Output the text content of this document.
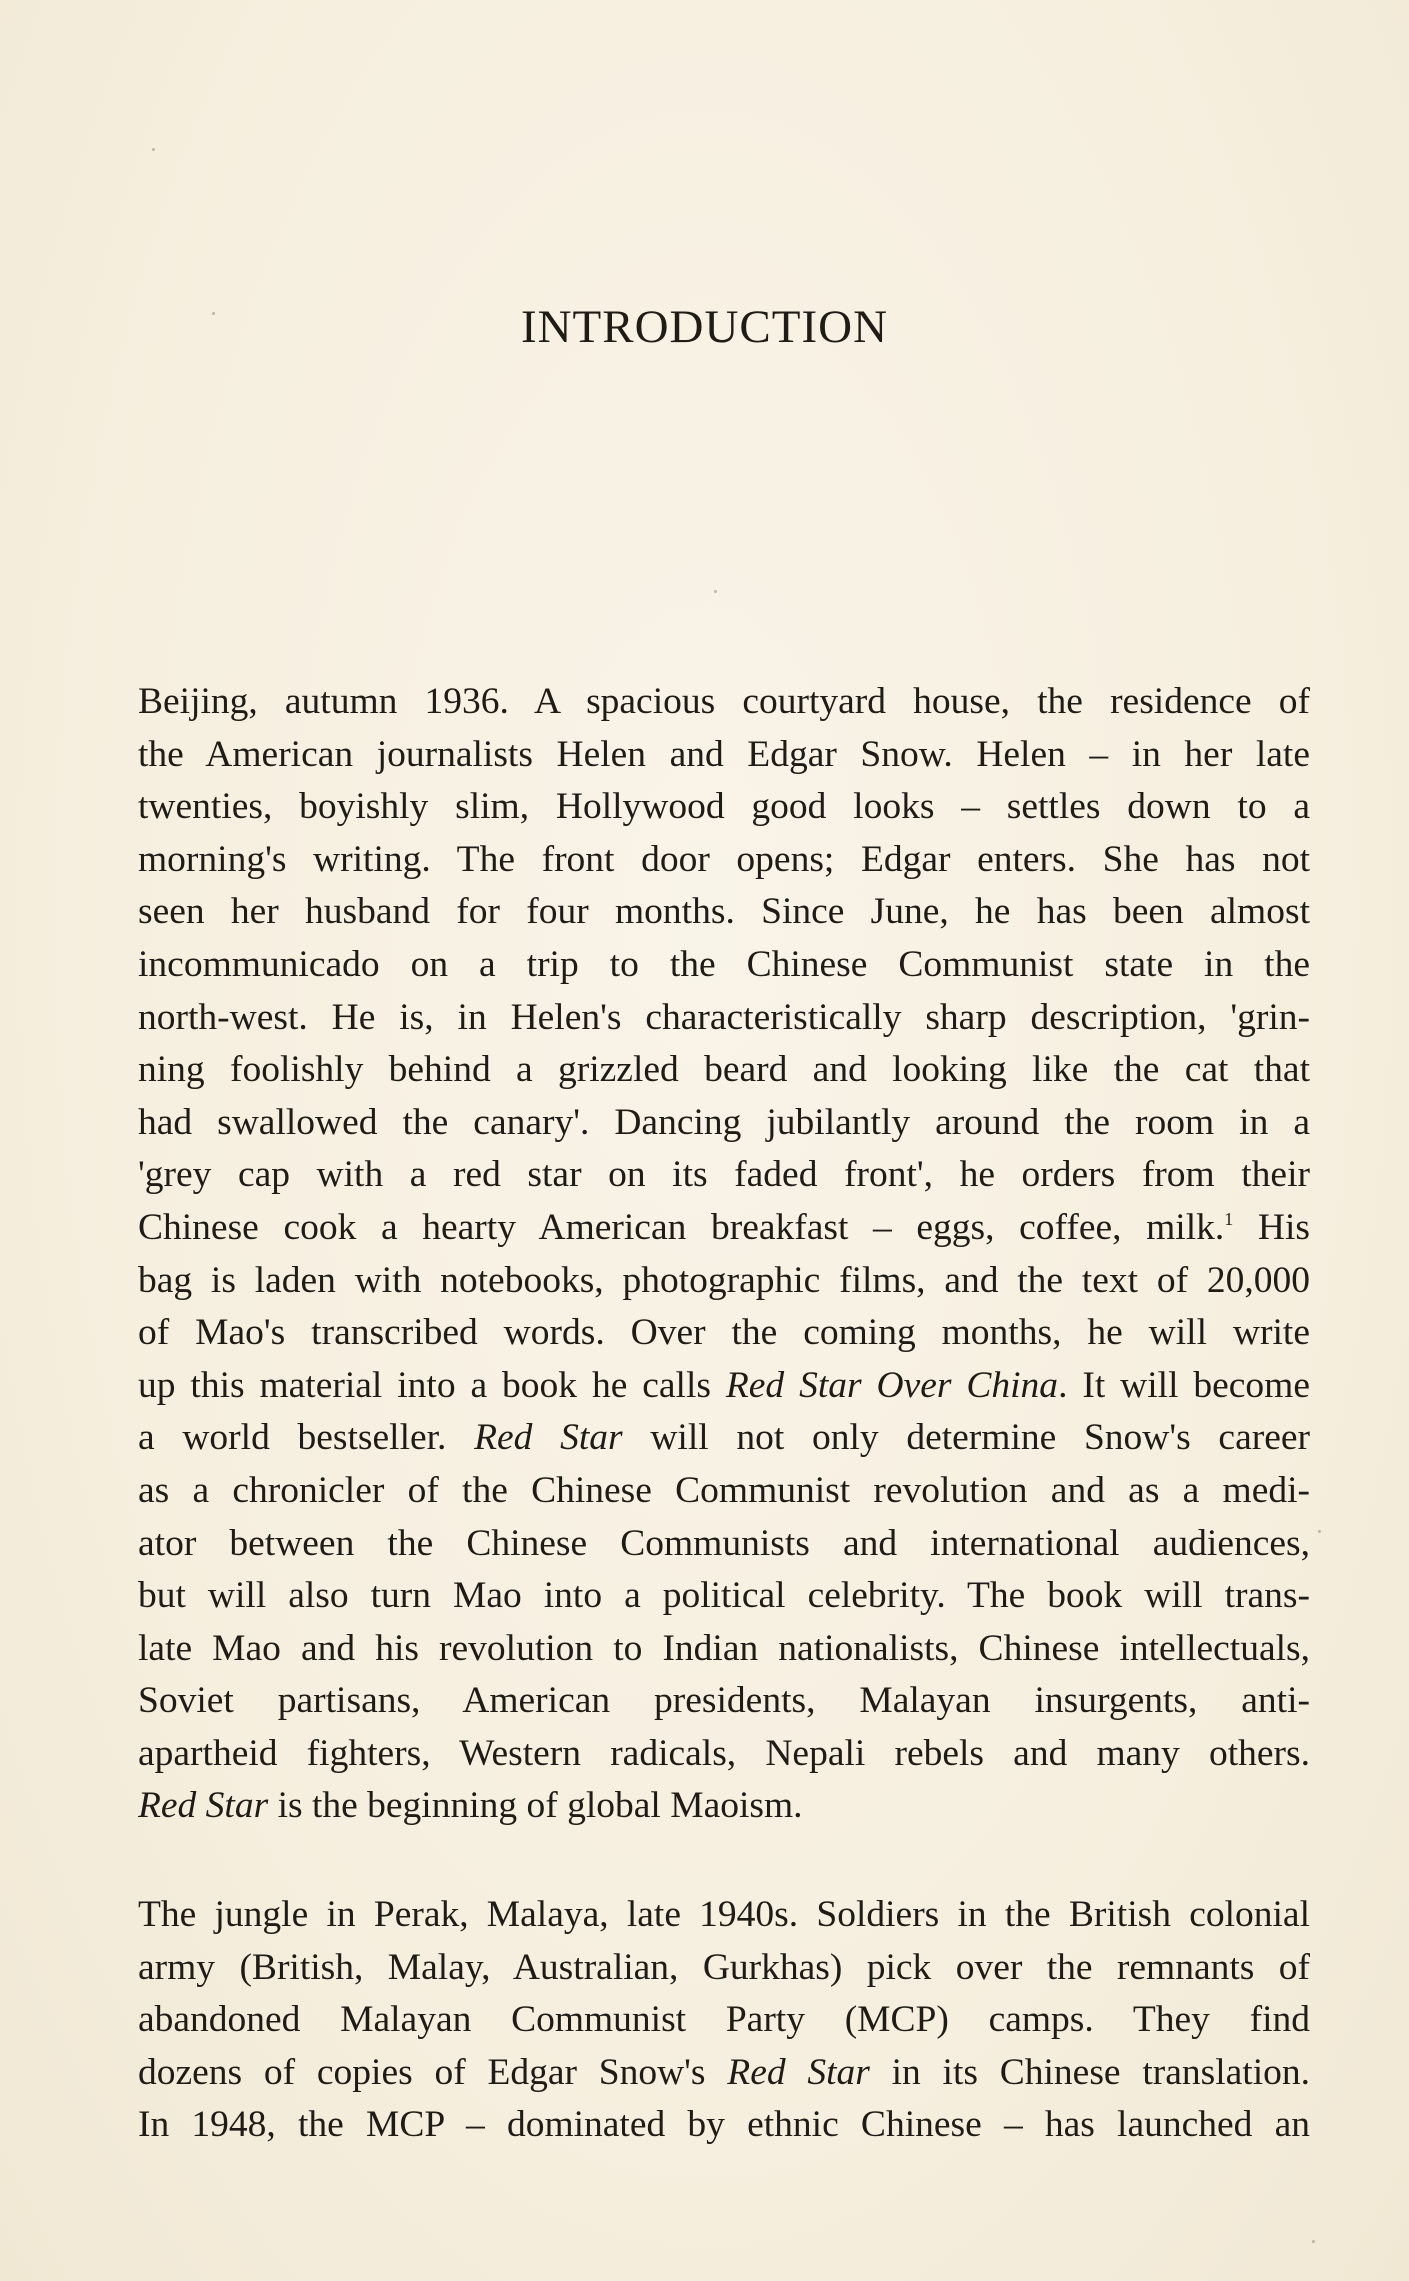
INTRODUCTION
Beijing, autumn 1936. A spacious courtyard house, the residence of
the American journalists Helen and Edgar Snow. Helen – in her late
twenties, boyishly slim, Hollywood good looks – settles down to a
morning's writing. The front door opens; Edgar enters. She has not
seen her husband for four months. Since June, he has been almost
incommunicado on a trip to the Chinese Communist state in the
north-west. He is, in Helen's characteristically sharp description, 'grin-
ning foolishly behind a grizzled beard and looking like the cat that
had swallowed the canary'. Dancing jubilantly around the room in a
'grey cap with a red star on its faded front', he orders from their
Chinese cook a hearty American breakfast – eggs, coffee, milk.$^1$ His
bag is laden with notebooks, photographic films, and the text of 20,000
of Mao's transcribed words. Over the coming months, he will write
up this material into a book he calls Red Star Over China. It will become
a world bestseller. Red Star will not only determine Snow's career
as a chronicler of the Chinese Communist revolution and as a medi-
ator between the Chinese Communists and international audiences,
but will also turn Mao into a political celebrity. The book will trans-
late Mao and his revolution to Indian nationalists, Chinese intellectuals,
Soviet partisans, American presidents, Malayan insurgents, anti-
apartheid fighters, Western radicals, Nepali rebels and many others.
Red Star is the beginning of global Maoism.
The jungle in Perak, Malaya, late 1940s. Soldiers in the British colonial
army (British, Malay, Australian, Gurkhas) pick over the remnants of
abandoned Malayan Communist Party (MCP) camps. They find
dozens of copies of Edgar Snow's Red Star in its Chinese translation.
In 1948, the MCP – dominated by ethnic Chinese – has launched an
